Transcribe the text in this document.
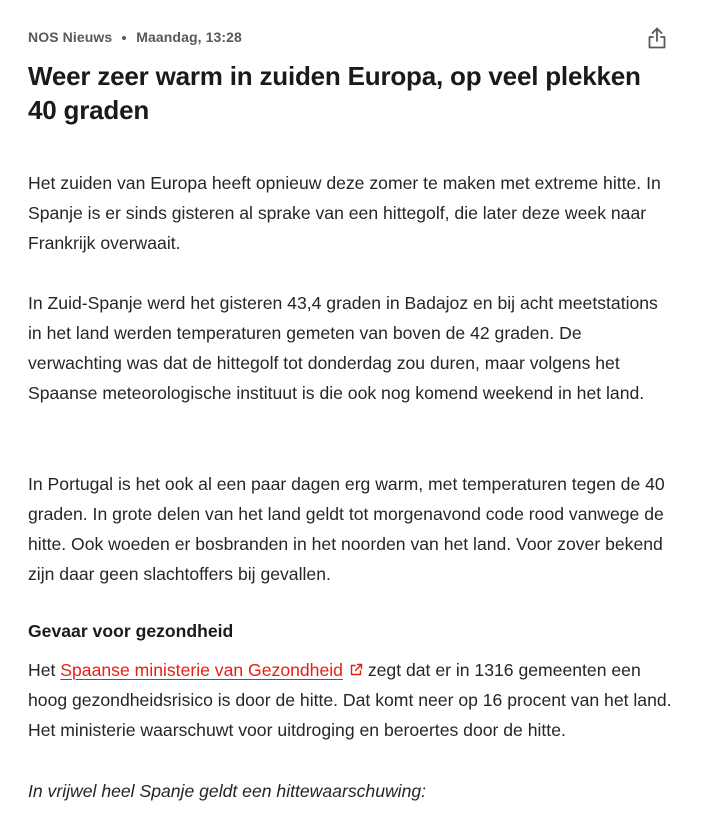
NOS Nieuws Maandag, 13:28
Weer zeer warm in zuiden Europa, op veel plekken 40 graden

Het zuiden van Europa heeft opnieuw deze zomer te maken met extreme hitte. In Spanje is er sinds gisteren al sprake van een hittegolf, die later deze week naar Frankrijk overwaait.

In Zuid-Spanje werd het gisteren 43,4 graden in Badajoz en bij acht meetstations in het land werden temperaturen gemeten van boven de 42 graden. De verwachting was dat de hittegolf tot donderdag zou duren, maar volgens het Spaanse meteorologische instituut is die ook nog komend weekend in het land.

In Portugal is het ook al een paar dagen erg warm, met temperaturen tegen de 40 graden. In grote delen van het land geldt tot morgenavond code rood vanwege de hitte. Ook woeden er bosbranden in het noorden van het land. Voor zover bekend zijn daar geen slachtoffers bij gevallen.

Gevaar voor gezondheid

Het Spaanse ministerie van Gezondheid zegt dat er in 1316 gemeenten een hoog gezondheidsrisico is door de hitte. Dat komt neer op 16 procent van het land. Het ministerie waarschuwt voor uitdroging en beroertes door de hitte.

In vrijwel heel Spanje geldt een hittewaarschuwing:
